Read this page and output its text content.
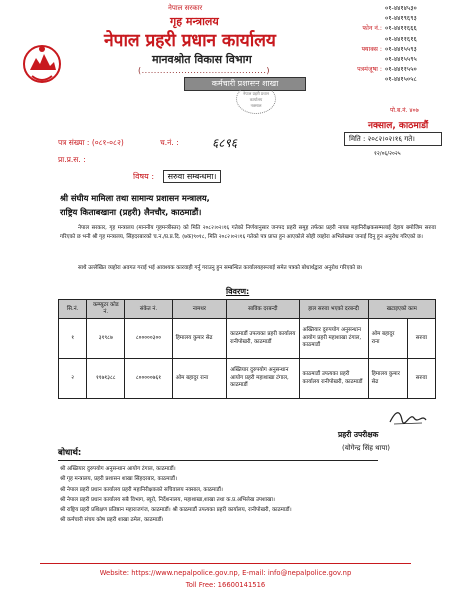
नेपाल सरकार
गृह मन्त्रालय
नेपाल प्रहरी प्रधान कार्यालय
मानवश्रोत विकास विभाग
(.........................................)
कर्मचारी प्रशासन शाखा
नेपाल प्रहरी प्रधान कार्यालय
नक्साल
०१-४४१४५३०
०१-४४१९६९३
फोन नं.: ०१-४४११६६६
०१-४४११६१६
फ्याक्स : ०१-४४१५५९३
०१-४४१५५९५
पत्रमंजूषा : ०१-४४११५५०
०१-४४१५०५८
पो.ब.नं. ४०७
नक्साल, काठमाडौं
मिति : २०८२।०२।१६ गते।
१२/०६/२०२५
पत्र संख्या : (०८१-०८२)
प्रा.प्र.स. :
च.नं. :	६८९६
विषय : सरुवा सम्बन्धमा।
श्री संघीय मामिला तथा सामान्य प्रशासन मन्त्रालय,
राष्ट्रिय किताबखाना (प्रहरी) लैनचौर, काठमाडौं।
नेपाल सरकार, गृह मन्त्रालय (माननीय गृहमन्त्रीस्तर) को मिति २०८२।०२।१६ गतेको निर्णयानुसार जनपद प्रहरी समूह तर्फका प्रहरी नायब महानिरीक्षकसम्मलाई देहाय बमोजिम सरुवा गरिएको छ भनी श्री गृह मन्त्रालय, सिंहदरबारको च.न./प्र.प्र.दि. (७क)९०१८, मिति २०८२।०२।१६ गतेको पत्र प्राप्त हुन आएकोले सोही व्यहोरा अभिलेखमा जनाई दिनु हुन अनुरोध गरिएको छ।
साथै उल्लेखित व्यहोरा अवगत गराई भई आवश्यक कारवाही गर्नु गराउनु हुन सम्बन्धित कार्यालयहरूलाई समेत पत्रको बोधार्थद्वारा अनुरोध गरिएको छ।
विवरण:
सि.नं.	कम्प्युटर कोड नं.	संकेत नं.	नामथर	साविक दरबन्दी	हाल सरुवा भएको दरबन्दी	खटाइएको काम	
१	३१९८७	८०००००३००	हिमालय कुमार सेढ	काठमाडौं उपत्यका प्रहरी कार्यालय रानीपोखरी, काठमाडौं	अख्तियार दुरुपयोग अनुसन्धान आयोग प्रहरी महाशाखा टंगाल, काठमाडौं	ओम बहादुर राना	सरुवा
२	११७१३८८	८०००००७६१	ओम बहादुर राना	अख्तियार दुरुपयोग अनुसन्धान आयोग प्रहरी महाशाखा टंगाल, काठमाडौं	काठमाडौं उपत्यका प्रहरी कार्यालय रानीपोखरी, काठमाडौं	हिमालय कुमार सेढ	सरुवा
प्रहरी उपरीक्षक
(योगेन्द्र सिंह थापा)
बोधार्थ:
श्री अख्तियार दुरुपयोग अनुसन्धान आयोग टंगाल, काठमाडौं।
श्री गृह मन्त्रालय, प्रहरी प्रशासन शाखा सिंहदरबार, काठमाडौं।
श्री नेपाल प्रहरी प्रधान कार्यालय प्रहरी महानिरीक्षकको सचिवालय नक्साल, काठमाडौं।
श्री नेपाल प्रहरी प्रधान कार्यालय सबै विभाग, ब्यूरो, निर्देशनालय, महाशाखा,शाखा तथा क.प्र.अभिलेख उपशाखा।
श्री राष्ट्रिय प्रहरी प्रशिक्षण प्रतिष्ठान महाराजगंज, काठमाडौं। श्री काठमाडौं उपत्यका प्रहरी कार्यालय, रानीपोखरी, काठमाडौं।
श्री कर्मचारी संचय कोष प्रहरी शाखा ठमेल, काठमाडौं।
Website: https://www.nepalpolice.gov.np, E-mail: info@nepalpolice.gov.np
Toll Free: 16600141516
